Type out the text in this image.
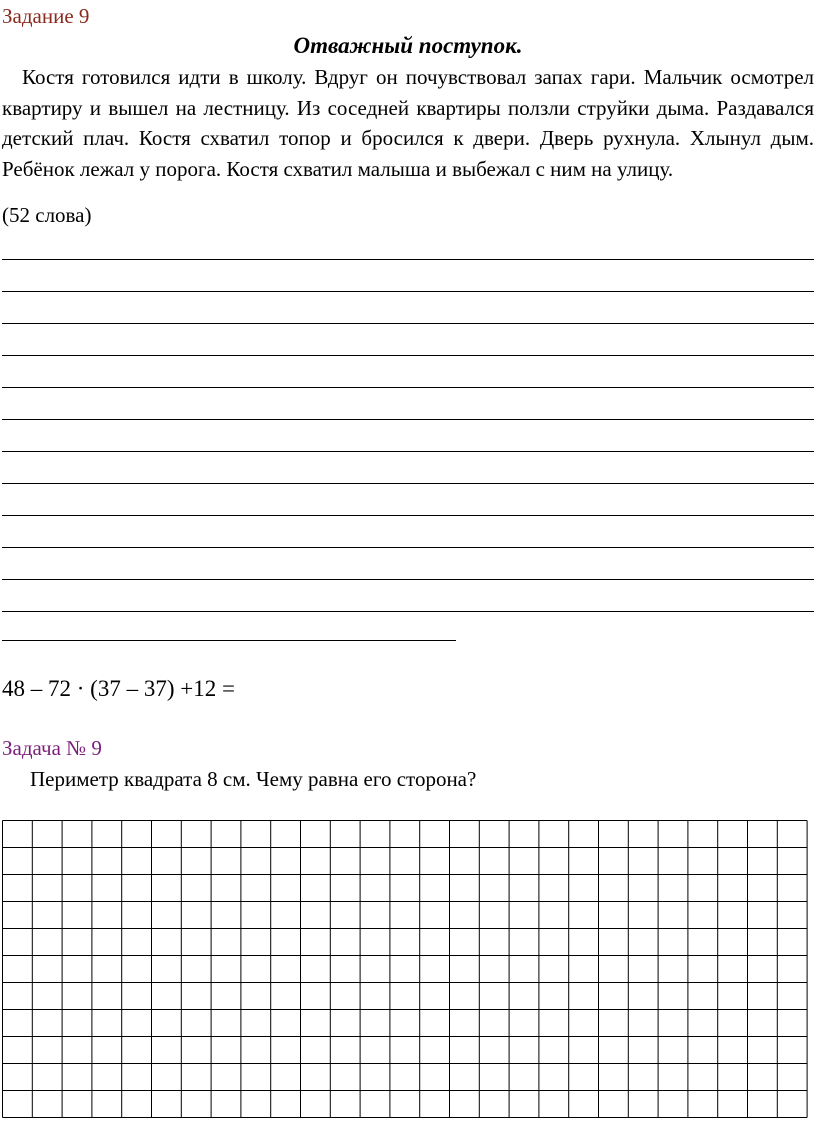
Задание 9
Отважный поступок.

Костя готовился идти в школу. Вдруг он почувствовал запах гари. Мальчик осмотрел квартиру и вышел на лестницу. Из соседней квартиры ползли струйки дыма. Раздавался детский плач. Костя схватил топор и бросился к двери. Дверь рухнула. Хлынул дым. Ребёнок лежал у порога. Костя схватил малыша и выбежал с ним на улицу.

(52 слова)
48 – 72 · (37 – 37) +12 =
Задача № 9
Периметр квадрата 8 см. Чему равна его сторона?
